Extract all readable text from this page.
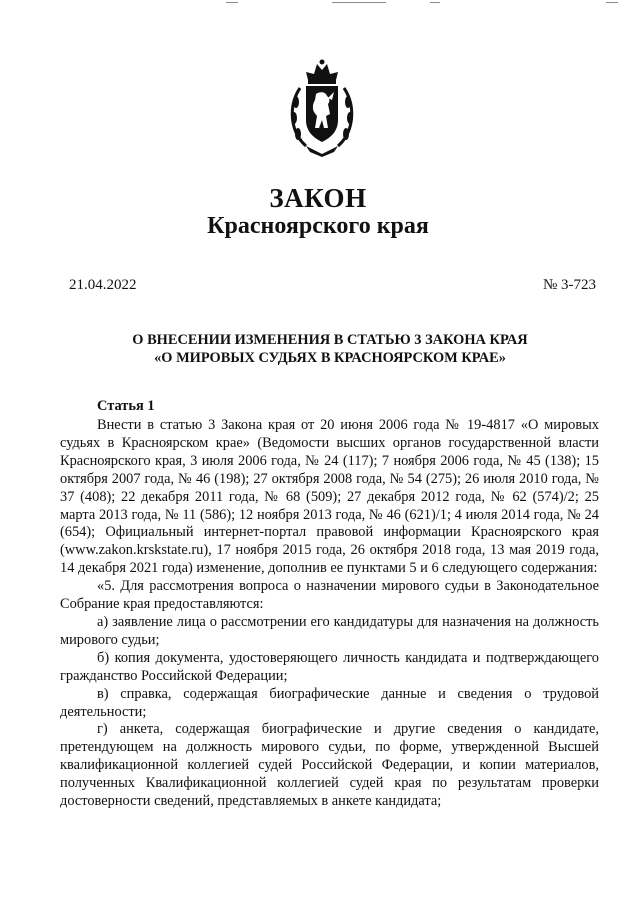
ЗАКОН
Красноярского края
21.04.2022	№ 3-723
О ВНЕСЕНИИ ИЗМЕНЕНИЯ В СТАТЬЮ 3 ЗАКОНА КРАЯ
«О МИРОВЫХ СУДЬЯХ В КРАСНОЯРСКОМ КРАЕ»
Статья 1

Внести в статью 3 Закона края от 20 июня 2006 года № 19-4817 «О мировых судьях в Красноярском крае» (Ведомости высших органов государственной власти Красноярского края, 3 июля 2006 года, № 24 (117); 7 ноября 2006 года, № 45 (138); 15 октября 2007 года, № 46 (198); 27 октября 2008 года, № 54 (275); 26 июля 2010 года, № 37 (408); 22 декабря 2011 года, № 68 (509); 27 декабря 2012 года, № 62 (574)/2; 25 марта 2013 года, № 11 (586); 12 ноября 2013 года, № 46 (621)/1; 4 июля 2014 года, № 24 (654); Официальный интернет-портал правовой информации Красноярского края (www.zakon.krskstate.ru), 17 ноября 2015 года, 26 октября 2018 года, 13 мая 2019 года, 14 декабря 2021 года) изменение, дополнив ее пунктами 5 и 6 следующего содержания:

«5. Для рассмотрения вопроса о назначении мирового судьи в Законодательное Собрание края предоставляются:

а) заявление лица о рассмотрении его кандидатуры для назначения на должность мирового судьи;

б) копия документа, удостоверяющего личность кандидата и подтверждающего гражданство Российской Федерации;

в) справка, содержащая биографические данные и сведения о трудовой деятельности;

г) анкета, содержащая биографические и другие сведения о кандидате, претендующем на должность мирового судьи, по форме, утвержденной Высшей квалификационной коллегией судей Российской Федерации, и копии материалов, полученных Квалификационной коллегией судей края по результатам проверки достоверности сведений, представляемых в анкете кандидата;
